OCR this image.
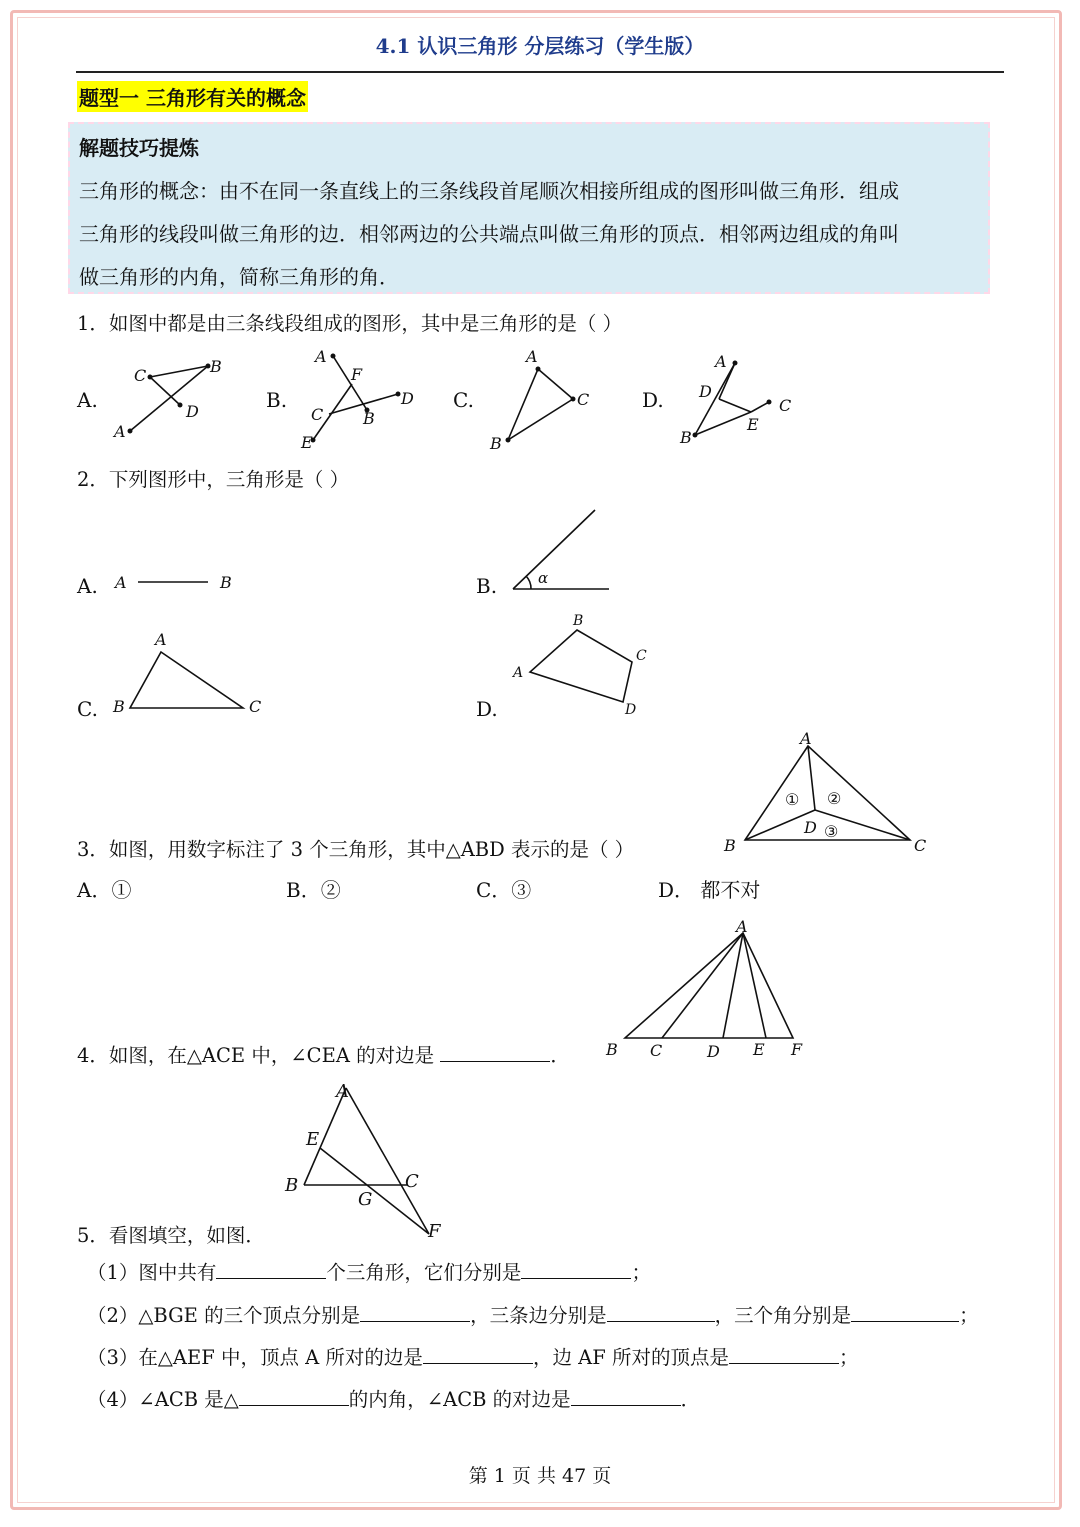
4.1 认识三角形 分层练习（学生版）
题型一 三角形有关的概念
解题技巧提炼
三角形的概念：由不在同一条直线上的三条线段首尾顺次相接所组成的图形叫做三角形．组成
三角形的线段叫做三角形的边．相邻两边的公共端点叫做三角形的顶点．相邻两边组成的角叫
做三角形的内角，简称三角形的角．
1．如图中都是由三条线段组成的图形，其中是三角形的是（ ）
A.	B.	C.	D.
C	B
D
A
A
F
D
C B
E
A
C
B
A
D
C
E
B
2．下列图形中，三角形是（ ）
A.	B.
C.	D.
A	B	α
A
B	C
B
C
A
D
A
B	C
D
① ②
③
3．如图，用数字标注了 3 个三角形，其中△ABD 表示的是（ ）
A．①	B．②	C．③	D． 都不对
A
B C	D E F
4．如图，在△ACE 中，∠CEA 的对边是	．
A
E
B	C
G
F
5．看图填空，如图．
（1）图中共有	个三角形，它们分别是	；
（2）△BGE 的三个顶点分别是	，三条边分别是	，三个角分别是	；
（3）在△AEF 中，顶点 A 所对的边是	，边 AF 所对的顶点是	；
（4）∠ACB 是△	的内角，∠ACB 的对边是	．
第 1 页 共 47 页
